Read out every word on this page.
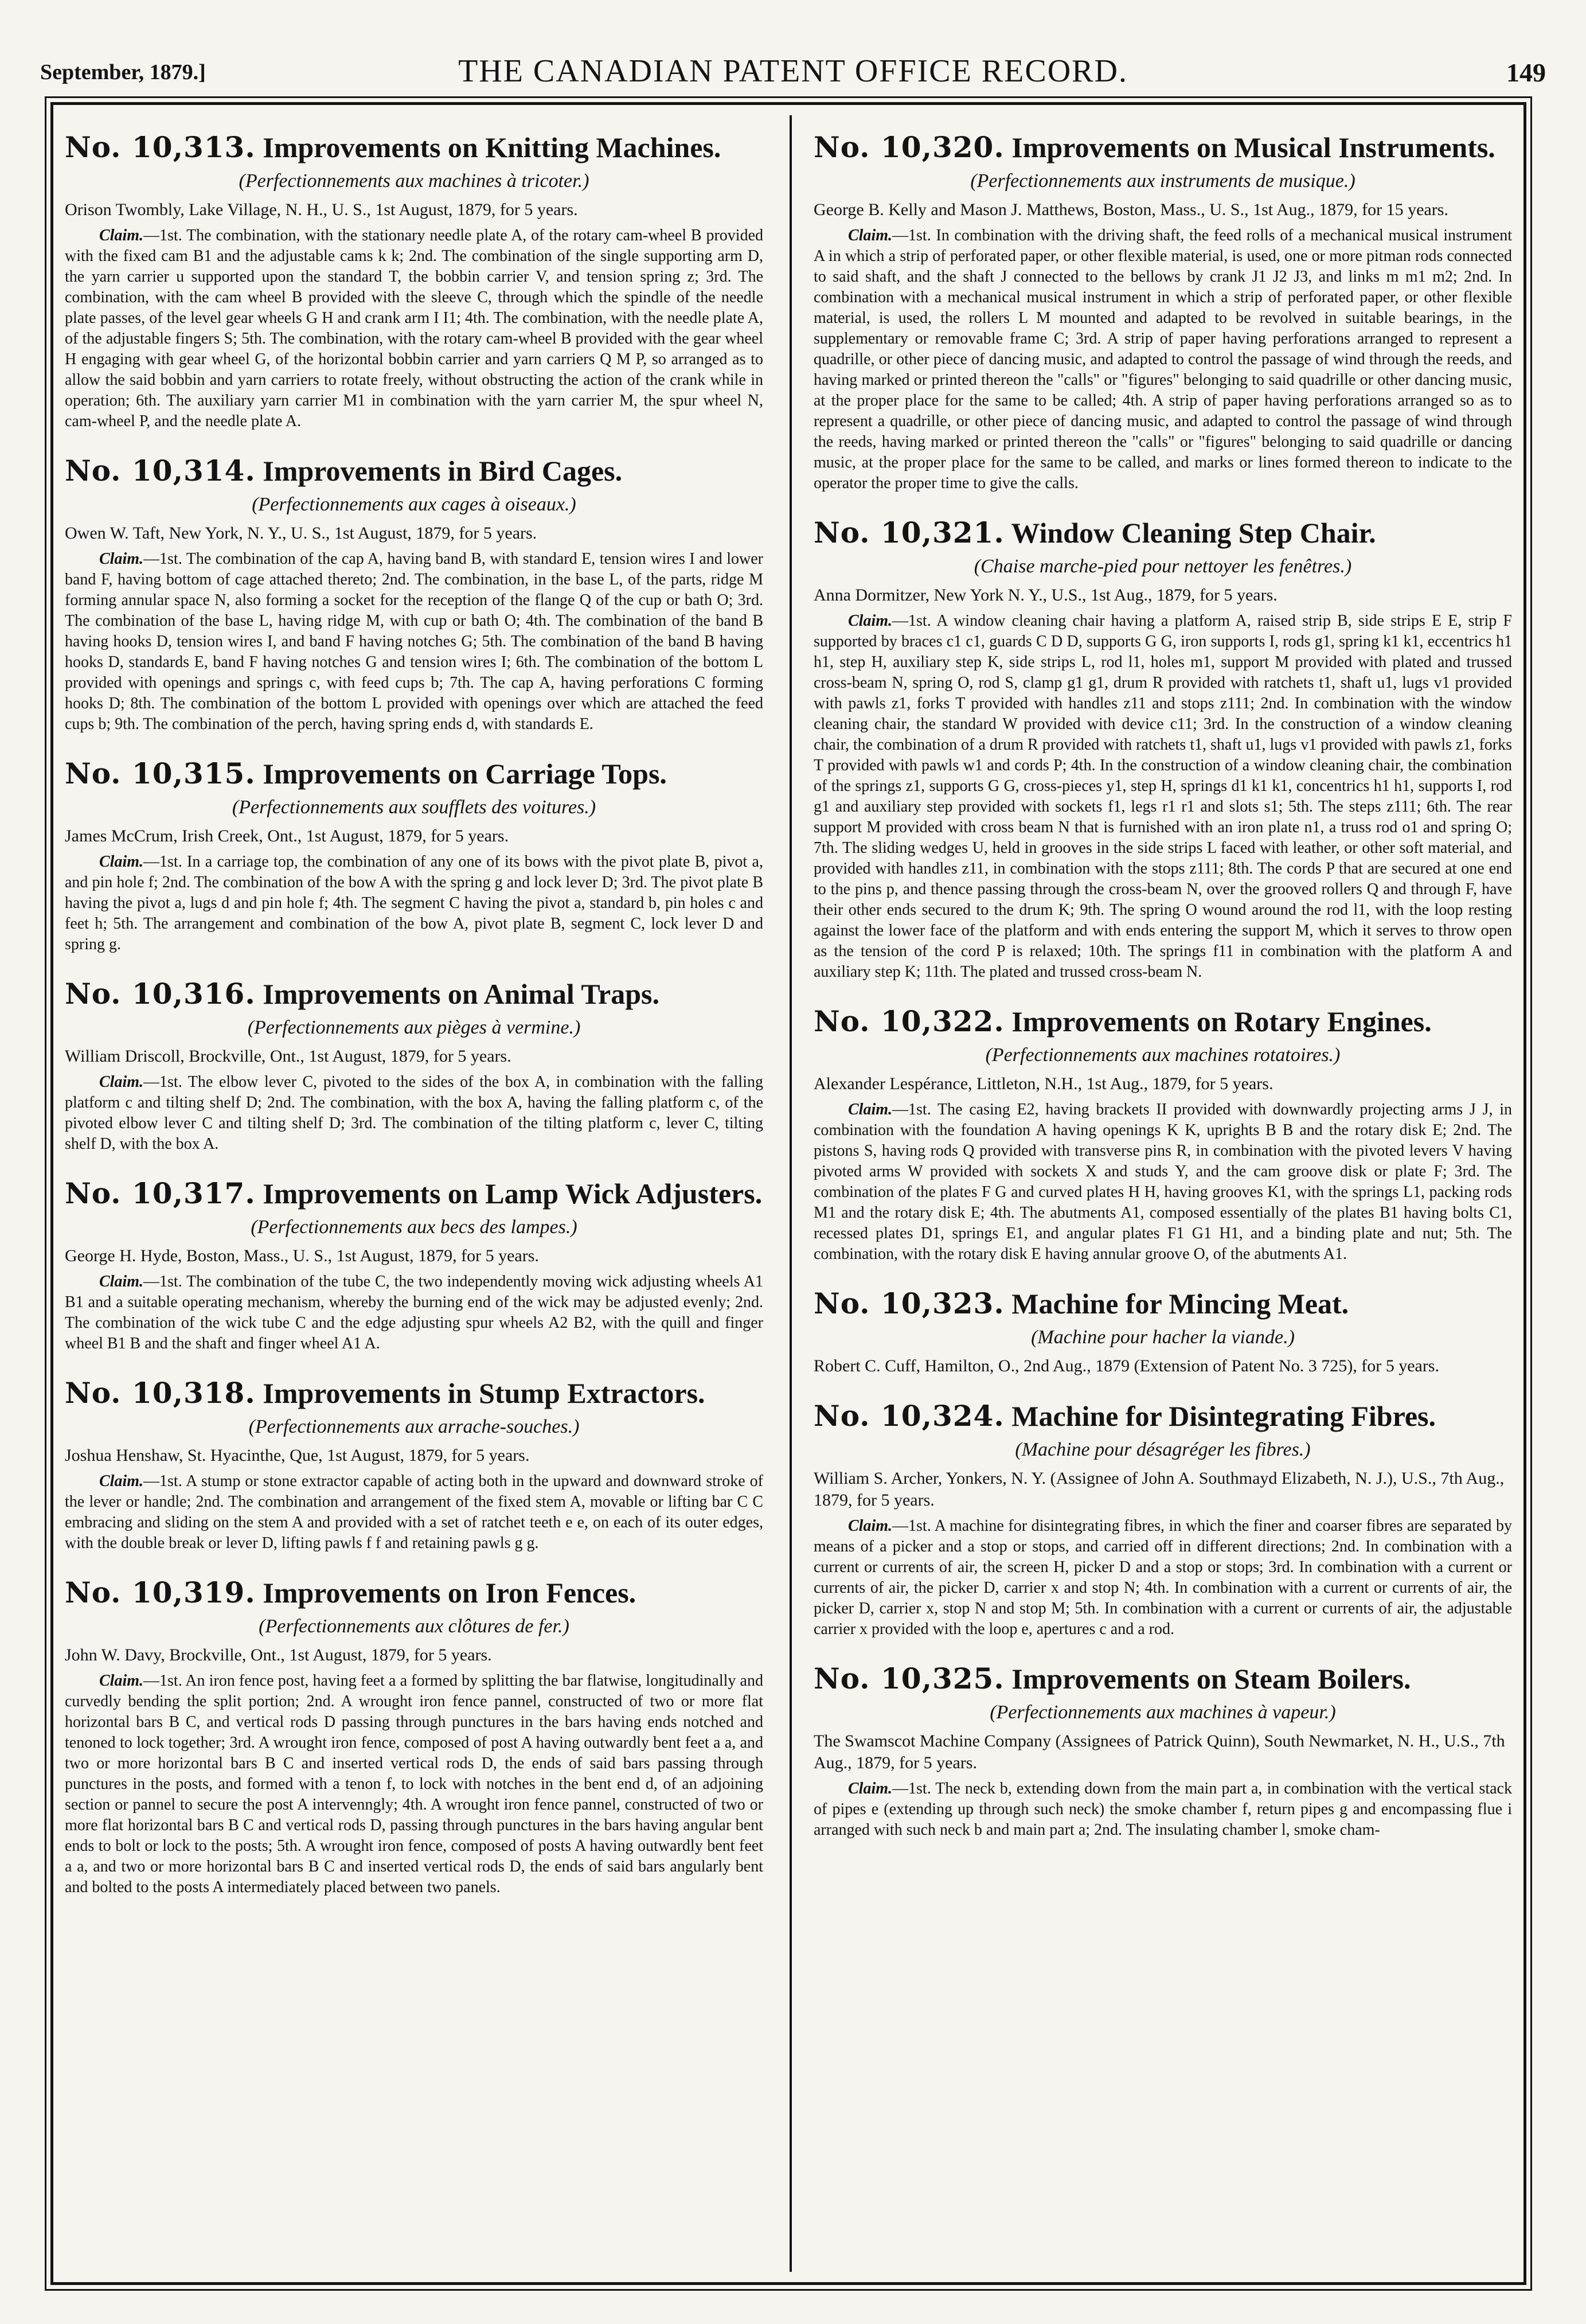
September, 1879.]	THE CANADIAN PATENT OFFICE RECORD.	149
No. 10,313. Improvements on Knitting Machines.
(Perfectionnements aux machines à tricoter.)
Orison Twombly, Lake Village, N. H., U. S., 1st August, 1879, for 5 years.

Claim.—1st. The combination, with the stationary needle plate A, of the rotary cam-wheel B provided with the fixed cam B1 and the adjustable cams k k; 2nd. The combination of the single supporting arm D, the yarn carrier u supported upon the standard T, the bobbin carrier V, and tension spring z; 3rd. The combination, with the cam wheel B provided with the sleeve C, through which the spindle of the needle plate passes, of the level gear wheels G H and crank arm I I1; 4th. The combination, with the needle plate A, of the adjustable fingers S; 5th. The combination, with the rotary cam-wheel B provided with the gear wheel H engaging with gear wheel G, of the horizontal bobbin carrier and yarn carriers Q M P, so arranged as to allow the said bobbin and yarn carriers to rotate freely, without obstructing the action of the crank while in operation; 6th. The auxiliary yarn carrier M1 in combination with the yarn carrier M, the spur wheel N, cam-wheel P, and the needle plate A.

No. 10,314. Improvements in Bird Cages.
(Perfectionnements aux cages à oiseaux.)
Owen W. Taft, New York, N. Y., U. S., 1st August, 1879, for 5 years.

Claim.—1st. The combination of the cap A, having band B, with standard E, tension wires I and lower band F, having bottom of cage attached thereto; 2nd. The combination, in the base L, of the parts, ridge M forming annular space N, also forming a socket for the reception of the flange Q of the cup or bath O; 3rd. The combination of the base L, having ridge M, with cup or bath O; 4th. The combination of the band B having hooks D, tension wires I, and band F having notches G; 5th. The combination of the band B having hooks D, standards E, band F having notches G and tension wires I; 6th. The combination of the bottom L provided with openings and springs c, with feed cups b; 7th. The cap A, having perforations C forming hooks D; 8th. The combination of the bottom L provided with openings over which are attached the feed cups b; 9th. The combination of the perch, having spring ends d, with standards E.

No. 10,315. Improvements on Carriage Tops.
(Perfectionnements aux soufflets des voitures.)
James McCrum, Irish Creek, Ont., 1st August, 1879, for 5 years.

Claim.—1st. In a carriage top, the combination of any one of its bows with the pivot plate B, pivot a, and pin hole f; 2nd. The combination of the bow A with the spring g and lock lever D; 3rd. The pivot plate B having the pivot a, lugs d and pin hole f; 4th. The segment C having the pivot a, standard b, pin holes c and feet h; 5th. The arrangement and combination of the bow A, pivot plate B, segment C, lock lever D and spring g.

No. 10,316. Improvements on Animal Traps.
(Perfectionnements aux pièges à vermine.)
William Driscoll, Brockville, Ont., 1st August, 1879, for 5 years.

Claim.—1st. The elbow lever C, pivoted to the sides of the box A, in combination with the falling platform c and tilting shelf D; 2nd. The combination, with the box A, having the falling platform c, of the pivoted elbow lever C and tilting shelf D; 3rd. The combination of the tilting platform c, lever C, tilting shelf D, with the box A.

No. 10,317. Improvements on Lamp Wick Adjusters.
(Perfectionnements aux becs des lampes.)
George H. Hyde, Boston, Mass., U. S., 1st August, 1879, for 5 years.

Claim.—1st. The combination of the tube C, the two independently moving wick adjusting wheels A1 B1 and a suitable operating mechanism, whereby the burning end of the wick may be adjusted evenly; 2nd. The combination of the wick tube C and the edge adjusting spur wheels A2 B2, with the quill and finger wheel B1 B and the shaft and finger wheel A1 A.

No. 10,318. Improvements in Stump Extractors.
(Perfectionnements aux arrache-souches.)
Joshua Henshaw, St. Hyacinthe, Que, 1st August, 1879, for 5 years.

Claim.—1st. A stump or stone extractor capable of acting both in the upward and downward stroke of the lever or handle; 2nd. The combination and arrangement of the fixed stem A, movable or lifting bar C C embracing and sliding on the stem A and provided with a set of ratchet teeth e e, on each of its outer edges, with the double break or lever D, lifting pawls f f and retaining pawls g g.

No. 10,319. Improvements on Iron Fences.
(Perfectionnements aux clôtures de fer.)
John W. Davy, Brockville, Ont., 1st August, 1879, for 5 years.

Claim.—1st. An iron fence post, having feet a a formed by splitting the bar flatwise, longitudinally and curvedly bending the split portion; 2nd. A wrought iron fence pannel, constructed of two or more flat horizontal bars B C, and vertical rods D passing through punctures in the bars having ends notched and tenoned to lock together; 3rd. A wrought iron fence, composed of post A having outwardly bent feet a a, and two or more horizontal bars B C and inserted vertical rods D, the ends of said bars passing through punctures in the posts, and formed with a tenon f, to lock with notches in the bent end d, of an adjoining section or pannel to secure the post A intervenngly; 4th. A wrought iron fence pannel, constructed of two or more flat horizontal bars B C and vertical rods D, passing through punctures in the bars having angular bent ends to bolt or lock to the posts; 5th. A wrought iron fence, composed of posts A having outwardly bent feet a a, and two or more horizontal bars B C and inserted vertical rods D, the ends of said bars angularly bent and bolted to the posts A intermediately placed between two panels.

No. 10,320. Improvements on Musical Instruments.
(Perfectionnements aux instruments de musique.)
George B. Kelly and Mason J. Matthews, Boston, Mass., U. S., 1st Aug., 1879, for 15 years.

Claim.—1st. In combination with the driving shaft, the feed rolls of a mechanical musical instrument A in which a strip of perforated paper, or other flexible material, is used, one or more pitman rods connected to said shaft, and the shaft J connected to the bellows by crank J1 J2 J3, and links m m1 m2; 2nd. In combination with a mechanical musical instrument in which a strip of perforated paper, or other flexible material, is used, the rollers L M mounted and adapted to be revolved in suitable bearings, in the supplementary or removable frame C; 3rd. A strip of paper having perforations arranged to represent a quadrille, or other piece of dancing music, and adapted to control the passage of wind through the reeds, and having marked or printed thereon the "calls" or "figures" belonging to said quadrille or other dancing music, at the proper place for the same to be called; 4th. A strip of paper having perforations arranged so as to represent a quadrille, or other piece of dancing music, and adapted to control the passage of wind through the reeds, having marked or printed thereon the "calls" or "figures" belonging to said quadrille or dancing music, at the proper place for the same to be called, and marks or lines formed thereon to indicate to the operator the proper time to give the calls.

No. 10,321. Window Cleaning Step Chair.
(Chaise marche-pied pour nettoyer les fenêtres.)
Anna Dormitzer, New York N. Y., U.S., 1st Aug., 1879, for 5 years.

Claim.—1st. A window cleaning chair having a platform A, raised strip B, side strips E E, strip F supported by braces c1 c1, guards C D D, supports G G, iron supports I, rods g1, spring k1 k1, eccentrics h1 h1, step H, auxiliary step K, side strips L, rod l1, holes m1, support M provided with plated and trussed cross-beam N, spring O, rod S, clamp g1 g1, drum R provided with ratchets t1, shaft u1, lugs v1 provided with pawls z1, forks T provided with handles z11 and stops z111; 2nd. In combination with the window cleaning chair, the standard W provided with device c11; 3rd. In the construction of a window cleaning chair, the combination of a drum R provided with ratchets t1, shaft u1, lugs v1 provided with pawls z1, forks T provided with pawls w1 and cords P; 4th. In the construction of a window cleaning chair, the combination of the springs z1, supports G G, cross-pieces y1, step H, springs d1 k1 k1, concentrics h1 h1, supports I, rod g1 and auxiliary step provided with sockets f1, legs r1 r1 and slots s1; 5th. The steps z111; 6th. The rear support M provided with cross beam N that is furnished with an iron plate n1, a truss rod o1 and spring O; 7th. The sliding wedges U, held in grooves in the side strips L faced with leather, or other soft material, and provided with handles z11, in combination with the stops z111; 8th. The cords P that are secured at one end to the pins p, and thence passing through the cross-beam N, over the grooved rollers Q and through F, have their other ends secured to the drum K; 9th. The spring O wound around the rod l1, with the loop resting against the lower face of the platform and with ends entering the support M, which it serves to throw open as the tension of the cord P is relaxed; 10th. The springs f11 in combination with the platform A and auxiliary step K; 11th. The plated and trussed cross-beam N.

No. 10,322. Improvements on Rotary Engines.
(Perfectionnements aux machines rotatoires.)
Alexander Lespérance, Littleton, N.H., 1st Aug., 1879, for 5 years.

Claim.—1st. The casing E2, having brackets II provided with downwardly projecting arms J J, in combination with the foundation A having openings K K, uprights B B and the rotary disk E; 2nd. The pistons S, having rods Q provided with transverse pins R, in combination with the pivoted levers V having pivoted arms W provided with sockets X and studs Y, and the cam groove disk or plate F; 3rd. The combination of the plates F G and curved plates H H, having grooves K1, with the springs L1, packing rods M1 and the rotary disk E; 4th. The abutments A1, composed essentially of the plates B1 having bolts C1, recessed plates D1, springs E1, and angular plates F1 G1 H1, and a binding plate and nut; 5th. The combination, with the rotary disk E having annular groove O, of the abutments A1.

No. 10,323. Machine for Mincing Meat.
(Machine pour hacher la viande.)
Robert C. Cuff, Hamilton, O., 2nd Aug., 1879 (Extension of Patent No. 3 725), for 5 years.
No. 10,324. Machine for Disintegrating Fibres.
(Machine pour désagréger les fibres.)
William S. Archer, Yonkers, N. Y. (Assignee of John A. Southmayd Elizabeth, N. J.), U.S., 7th Aug., 1879, for 5 years.

Claim.—1st. A machine for disintegrating fibres, in which the finer and coarser fibres are separated by means of a picker and a stop or stops, and carried off in different directions; 2nd. In combination with a current or currents of air, the screen H, picker D and a stop or stops; 3rd. In combination with a current or currents of air, the picker D, carrier x and stop N; 4th. In combination with a current or currents of air, the picker D, carrier x, stop N and stop M; 5th. In combination with a current or currents of air, the adjustable carrier x provided with the loop e, apertures c and a rod.

No. 10,325. Improvements on Steam Boilers.
(Perfectionnements aux machines à vapeur.)
The Swamscot Machine Company (Assignees of Patrick Quinn), South Newmarket, N. H., U.S., 7th Aug., 1879, for 5 years.

Claim.—1st. The neck b, extending down from the main part a, in combination with the vertical stack of pipes e (extending up through such neck) the smoke chamber f, return pipes g and encompassing flue i arranged with such neck b and main part a; 2nd. The insulating chamber l, smoke cham-
